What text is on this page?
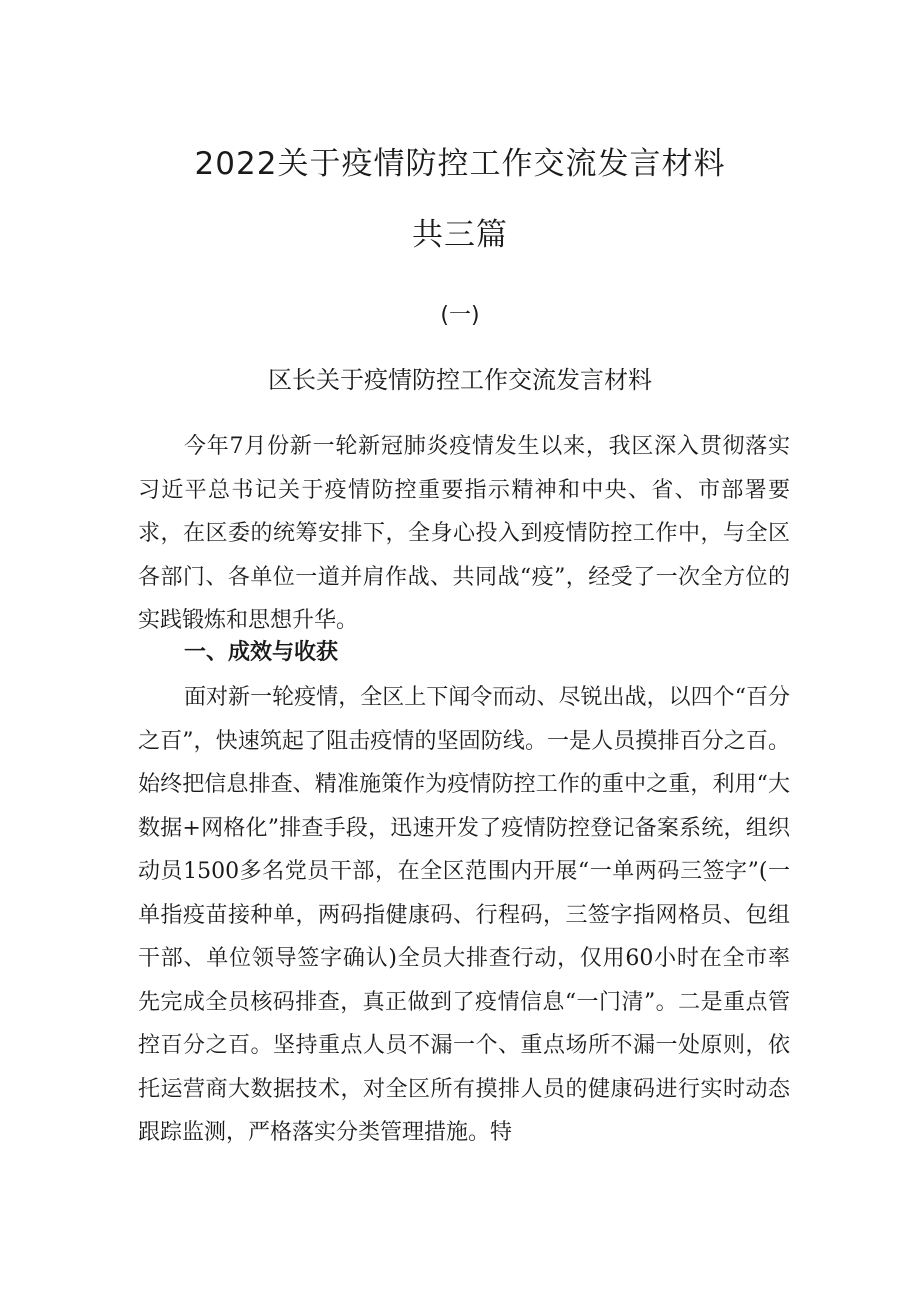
2022关于疫情防控工作交流发言材料
共三篇
(一)
区长关于疫情防控工作交流发言材料

今年7月份新一轮新冠肺炎疫情发生以来，我区深入贯彻落实习近平总书记关于疫情防控重要指示精神和中央、省、市部署要求，在区委的统筹安排下，全身心投入到疫情防控工作中，与全区各部门、各单位一道并肩作战、共同战“疫”，经受了一次全方位的实践锻炼和思想升华。

一、成效与收获

面对新一轮疫情，全区上下闻令而动、尽锐出战，以四个“百分之百”，快速筑起了阻击疫情的坚固防线。一是人员摸排百分之百。始终把信息排查、精准施策作为疫情防控工作的重中之重，利用“大数据+网格化”排查手段，迅速开发了疫情防控登记备案系统，组织动员1500多名党员干部，在全区范围内开展“一单两码三签字”(一单指疫苗接种单，两码指健康码、行程码，三签字指网格员、包组干部、单位领导签字确认)全员大排查行动，仅用60小时在全市率先完成全员核码排查，真正做到了疫情信息“一门清”。二是重点管控百分之百。坚持重点人员不漏一个、重点场所不漏一处原则，依托运营商大数据技术，对全区所有摸排人员的健康码进行实时动态跟踪监测，严格落实分类管理措施。特
